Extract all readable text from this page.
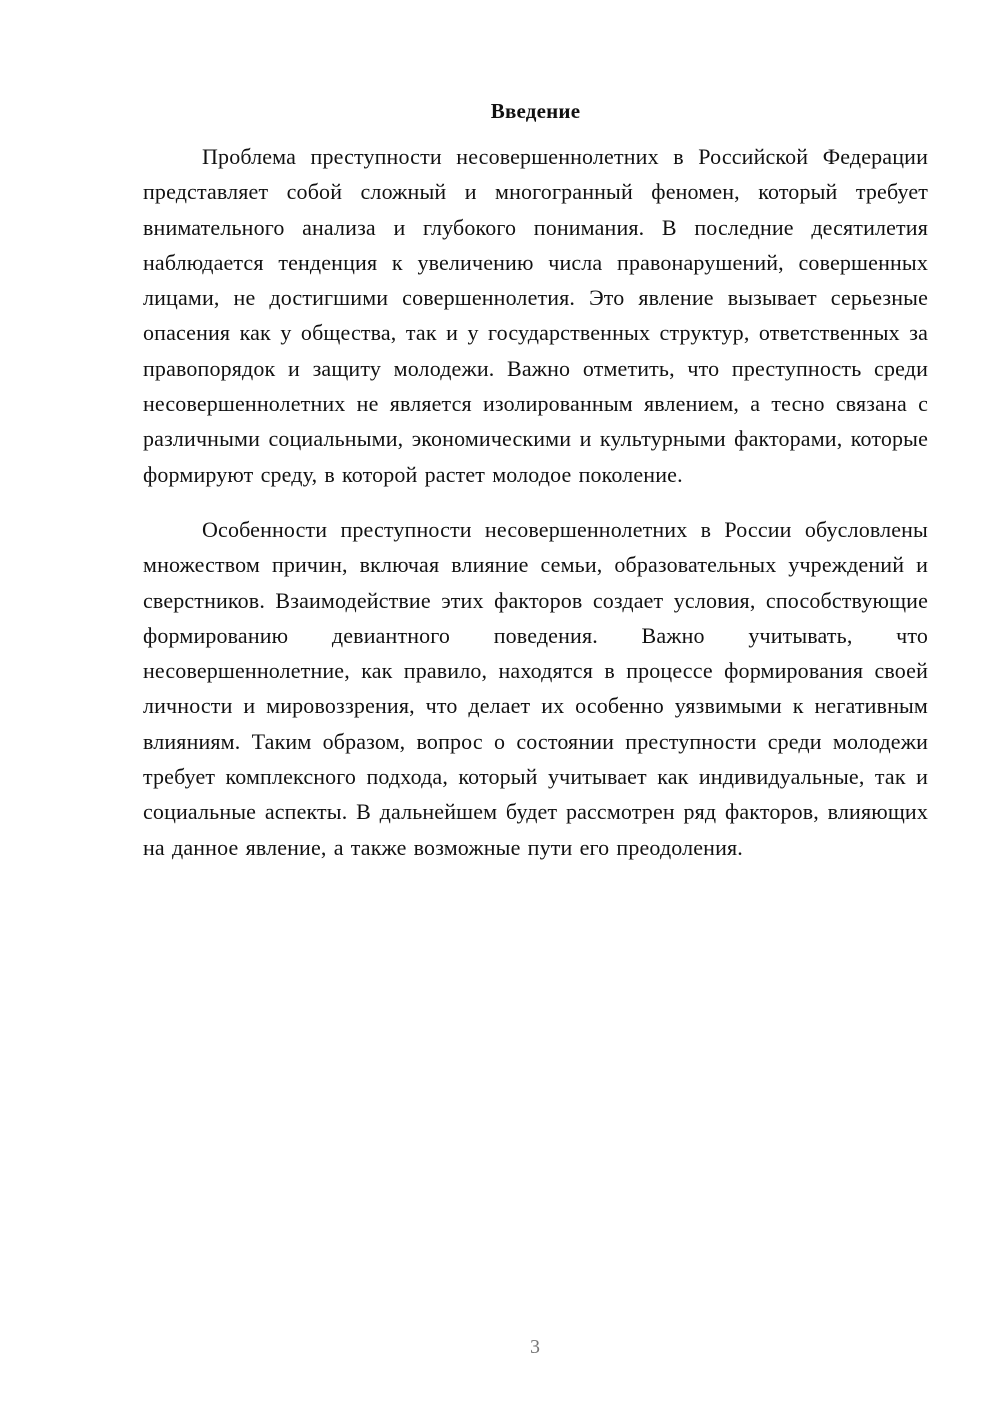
Введение

Проблема преступности несовершеннолетних в Российской Федерации представляет собой сложный и многогранный феномен, который требует внимательного анализа и глубокого понимания. В последние десятилетия наблюдается тенденция к увеличению числа правонарушений, совершенных лицами, не достигшими совершеннолетия. Это явление вызывает серьезные опасения как у общества, так и у государственных структур, ответственных за правопорядок и защиту молодежи. Важно отметить, что преступность среди несовершеннолетних не является изолированным явлением, а тесно связана с различными социальными, экономическими и культурными факторами, которые формируют среду, в которой растет молодое поколение.

Особенности преступности несовершеннолетних в России обусловлены множеством причин, включая влияние семьи, образовательных учреждений и сверстников. Взаимодействие этих факторов создает условия, способствующие формированию девиантного поведения. Важно учитывать, что несовершеннолетние, как правило, находятся в процессе формирования своей личности и мировоззрения, что делает их особенно уязвимыми к негативным влияниям. Таким образом, вопрос о состоянии преступности среди молодежи требует комплексного подхода, который учитывает как индивидуальные, так и социальные аспекты. В дальнейшем будет рассмотрен ряд факторов, влияющих на данное явление, а также возможные пути его преодоления.

3
